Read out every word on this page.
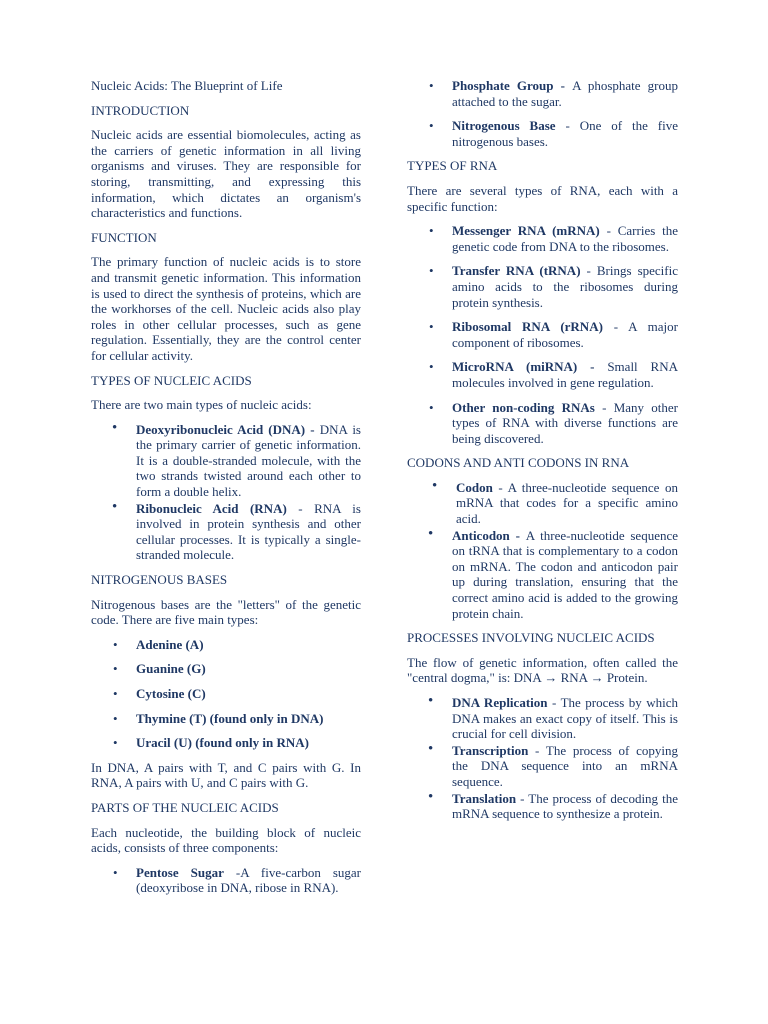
Nucleic Acids: The Blueprint of Life

INTRODUCTION

Nucleic acids are essential biomolecules, acting as the carriers of genetic information in all living organisms and viruses. They are responsible for storing, transmitting, and expressing this information, which dictates an organism's characteristics and functions.

FUNCTION

The primary function of nucleic acids is to store and transmit genetic information. This information is used to direct the synthesis of proteins, which are the workhorses of the cell. Nucleic acids also play roles in other cellular processes, such as gene regulation. Essentially, they are the control center for cellular activity.

TYPES OF NUCLEIC ACIDS

There are two main types of nucleic acids:

• Deoxyribonucleic Acid (DNA) - DNA is the primary carrier of genetic information. It is a double-stranded molecule, with the two strands twisted around each other to form a double helix.
• Ribonucleic Acid (RNA) - RNA is involved in protein synthesis and other cellular processes. It is typically a single-stranded molecule.

NITROGENOUS BASES

Nitrogenous bases are the "letters" of the genetic code. There are five main types:

• Adenine (A)
• Guanine (G)
• Cytosine (C)
• Thymine (T) (found only in DNA)
• Uracil (U) (found only in RNA)

In DNA, A pairs with T, and C pairs with G. In RNA, A pairs with U, and C pairs with G.

PARTS OF THE NUCLEIC ACIDS

Each nucleotide, the building block of nucleic acids, consists of three components:

• Pentose Sugar -A five-carbon sugar (deoxyribose in DNA, ribose in RNA).
• Phosphate Group - A phosphate group attached to the sugar.
• Nitrogenous Base - One of the five nitrogenous bases.

TYPES OF RNA

There are several types of RNA, each with a specific function:

• Messenger RNA (mRNA) - Carries the genetic code from DNA to the ribosomes.
• Transfer RNA (tRNA) - Brings specific amino acids to the ribosomes during protein synthesis.
• Ribosomal RNA (rRNA) - A major component of ribosomes.
• MicroRNA (miRNA) - Small RNA molecules involved in gene regulation.
• Other non-coding RNAs - Many other types of RNA with diverse functions are being discovered.

CODONS AND ANTI CODONS IN RNA

• Codon - A three-nucleotide sequence on mRNA that codes for a specific amino acid.
• Anticodon - A three-nucleotide sequence on tRNA that is complementary to a codon on mRNA. The codon and anticodon pair up during translation, ensuring that the correct amino acid is added to the growing protein chain.

PROCESSES INVOLVING NUCLEIC ACIDS

The flow of genetic information, often called the "central dogma," is: DNA → RNA → Protein.

• DNA Replication - The process by which DNA makes an exact copy of itself. This is crucial for cell division.
• Transcription - The process of copying the DNA sequence into an mRNA sequence.
• Translation - The process of decoding the mRNA sequence to synthesize a protein.
